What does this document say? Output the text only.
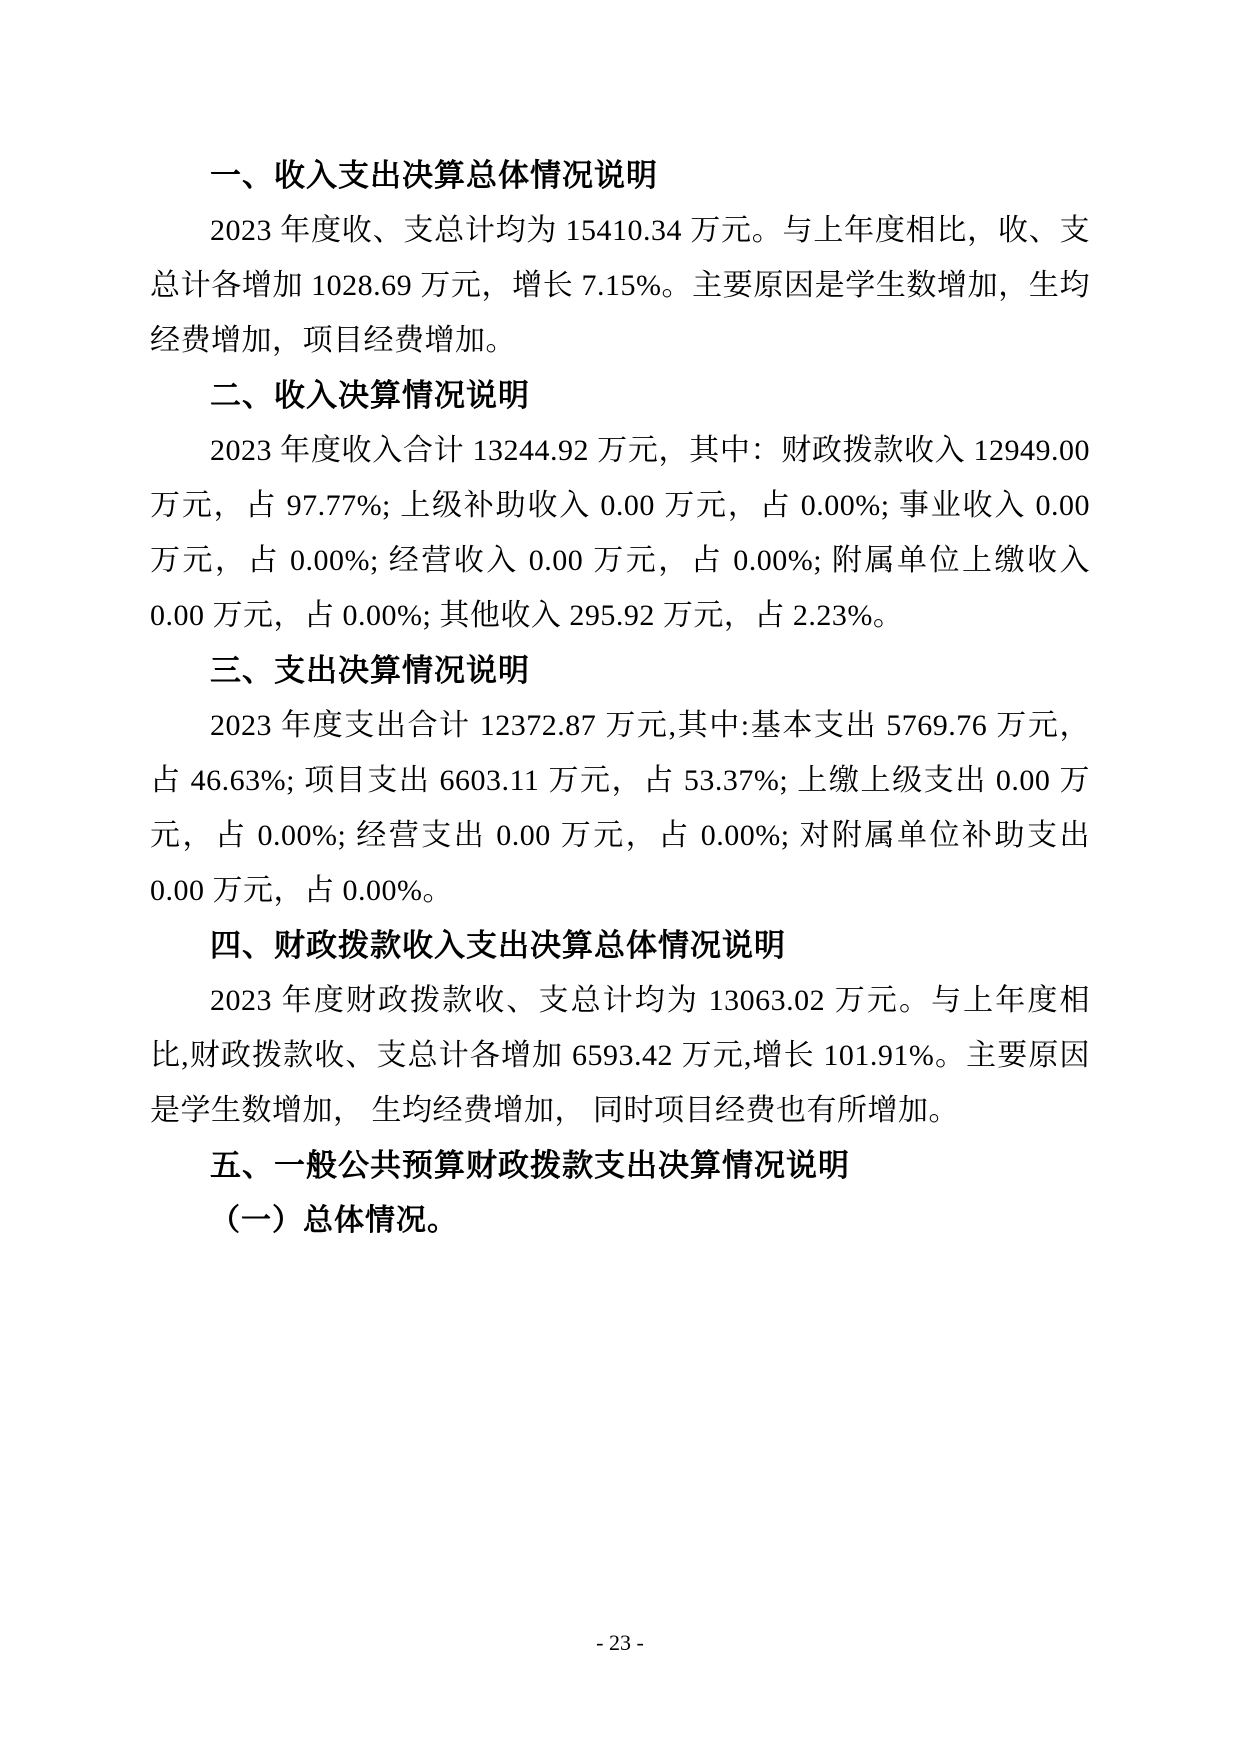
一、收入支出决算总体情况说明

2023 年度收、支总计均为 15410.34 万元。与上年度相比，收、支总计各增加 1028.69 万元，增长 7.15%。主要原因是学生数增加，生均经费增加，项目经费增加。

二、收入决算情况说明

2023 年度收入合计 13244.92 万元，其中：财政拨款收入 12949.00 万元，占 97.77%; 上级补助收入 0.00 万元，占 0.00%; 事业收入 0.00 万元，占 0.00%; 经营收入 0.00 万元，占 0.00%; 附属单位上缴收入 0.00 万元，占 0.00%; 其他收入 295.92 万元，占 2.23%。

三、支出决算情况说明

2023 年度支出合计 12372.87 万元,其中:基本支出 5769.76 万元，占 46.63%; 项目支出 6603.11 万元，占 53.37%; 上缴上级支出 0.00 万元，占 0.00%; 经营支出 0.00 万元，占 0.00%; 对附属单位补助支出 0.00 万元，占 0.00%。

四、财政拨款收入支出决算总体情况说明

2023 年度财政拨款收、支总计均为 13063.02 万元。与上年度相比,财政拨款收、支总计各增加 6593.42 万元,增长 101.91%。主要原因是学生数增加， 生均经费增加， 同时项目经费也有所增加。

五、一般公共预算财政拨款支出决算情况说明
（一）总体情况。
- 23 -
